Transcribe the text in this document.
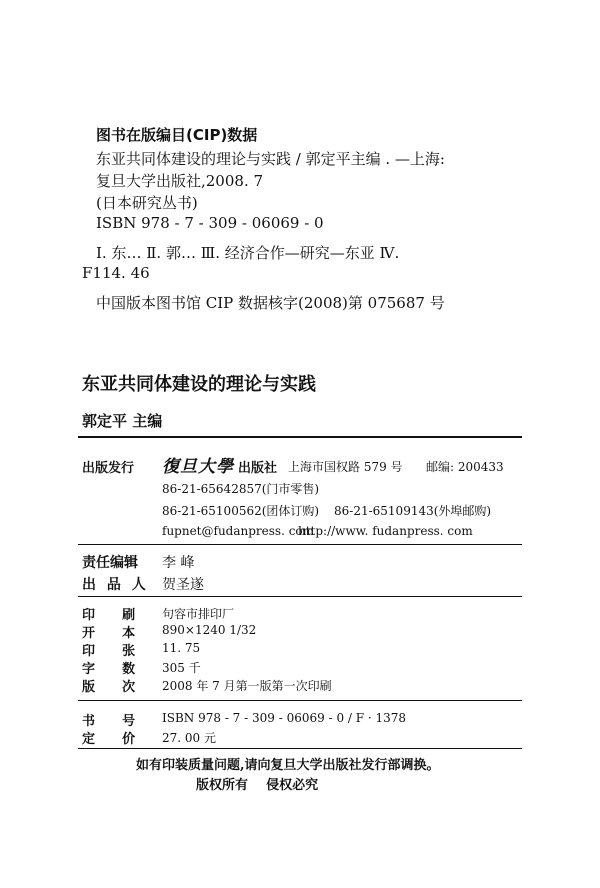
图书在版编目(CIP)数据
东亚共同体建设的理论与实践 / 郭定平主编 . —上海:
复旦大学出版社,2008. 7
(日本研究丛书)
ISBN 978 - 7 - 309 - 06069 - 0
Ⅰ. 东… Ⅱ. 郭… Ⅲ. 经济合作—研究—东亚 Ⅳ.
F114. 46
中国版本图书馆 CIP 数据核字(2008)第 075687 号
东亚共同体建设的理论与实践
郭定平 主编
出版发行 復旦大學 出版社 上海市国权路 579 号 邮编: 200433
86-21-65642857(门市零售)
86-21-65100562(团体订购) 86-21-65109143(外埠邮购)
fupnet@fudanpress. com
http://www. fudanpress. com
责任编辑 李 峰
出 品 人 贺圣遂
印      刷 句容市排印厂
开      本 890×1240 1/32
印      张 11. 75
字      数 305 千
版      次 2008 年 7 月第一版第一次印刷
书      号 ISBN 978 - 7 - 309 - 06069 - 0 / F · 1378
定      价 27. 00 元
如有印装质量问题,请向复旦大学出版社发行部调换。
版权所有    侵权必究
